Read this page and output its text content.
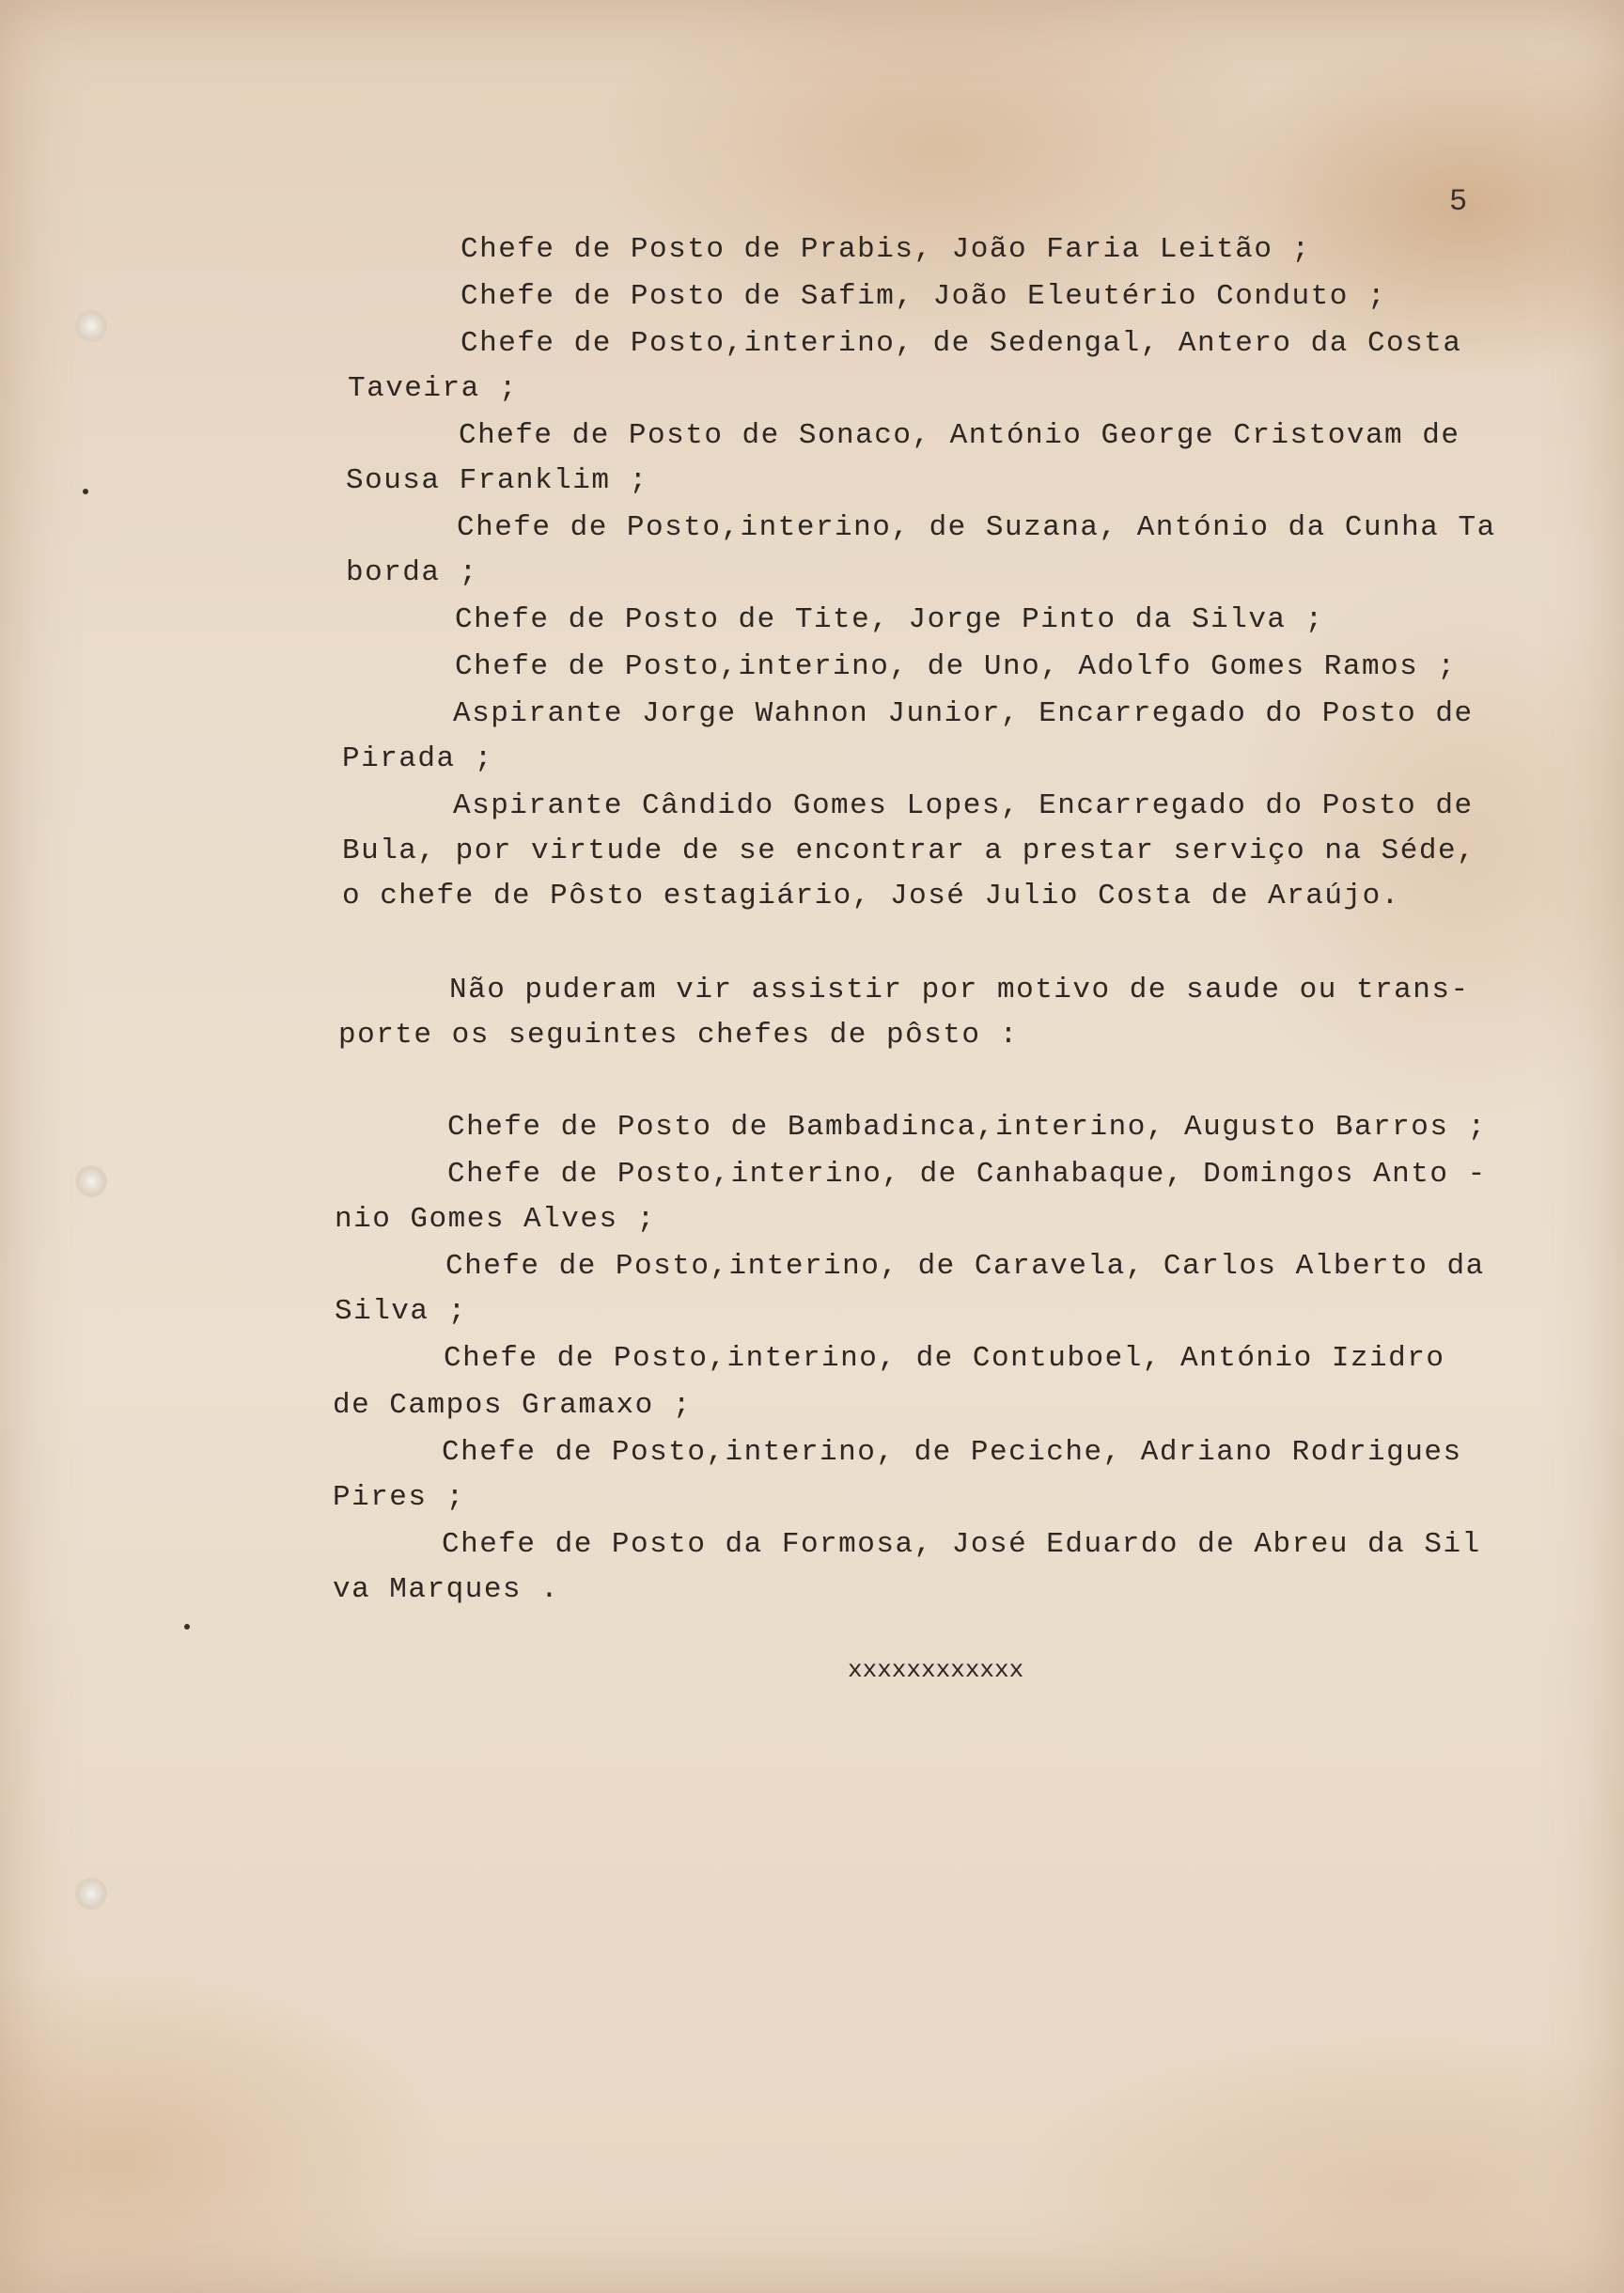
5
Chefe de Posto de Prabis, João Faria Leitão ;
Chefe de Posto de Safim, João Eleutério Conduto ;
Chefe de Posto,interino, de Sedengal, Antero da Costa
Taveira ;
Chefe de Posto de Sonaco, António George Cristovam de
Sousa Franklim ;
Chefe de Posto,interino, de Suzana, António da Cunha Ta
borda ;
Chefe de Posto de Tite, Jorge Pinto da Silva ;
Chefe de Posto,interino, de Uno, Adolfo Gomes Ramos ;
Aspirante Jorge Wahnon Junior, Encarregado do Posto de
Pirada ;
Aspirante Cândido Gomes Lopes, Encarregado do Posto de
Bula, por virtude de se encontrar a prestar serviço na Séde,
o chefe de Pôsto estagiário, José Julio Costa de Araújo.
Não puderam vir assistir por motivo de saude ou trans-
porte os seguintes chefes de pôsto :
Chefe de Posto de Bambadinca,interino, Augusto Barros ;
Chefe de Posto,interino, de Canhabaque, Domingos Anto -
nio Gomes Alves ;
Chefe de Posto,interino, de Caravela, Carlos Alberto da
Silva ;
Chefe de Posto,interino, de Contuboel, António Izidro
de Campos Gramaxo ;
Chefe de Posto,interino, de Peciche, Adriano Rodrigues
Pires ;
Chefe de Posto da Formosa, José Eduardo de Abreu da Sil
va Marques .
xxxxxxxxxxxx
